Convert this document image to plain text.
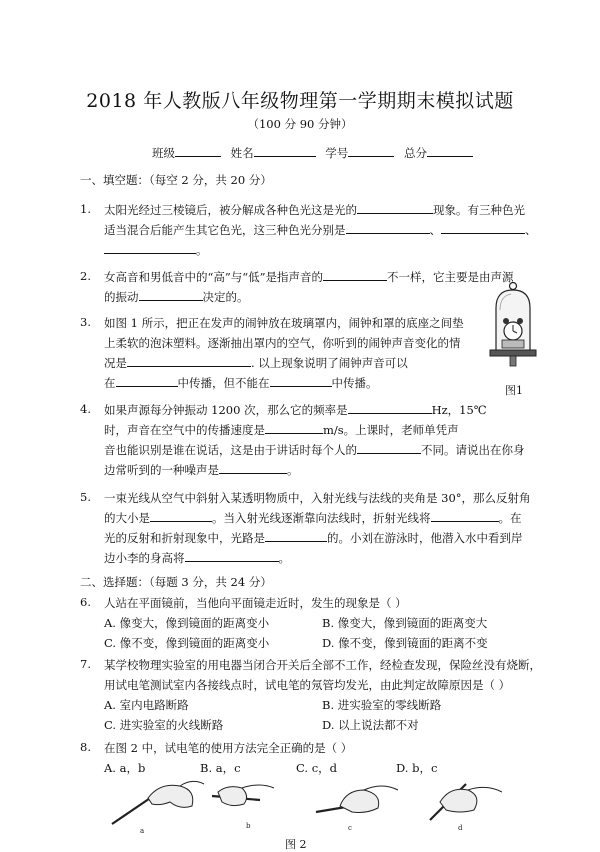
2018 年人教版八年级物理第一学期期末模拟试题
（100 分 90 分钟）
班级	姓名	学号	总分
一、填空题：（每空 2 分，共 20 分）
1. 太阳光经过三棱镜后，被分解成各种色光这是光的	现象。有三种色光
适当混合后能产生其它色光，这三种色光分别是	、	、
。
2. 女高音和男低音中的“高”与“低”是指声音的	不一样，它主要是由声源
的振动	决定的。
3. 如图 1 所示，把正在发声的闹钟放在玻璃罩内，闹钟和罩的底座之间垫
上柔软的泡沫塑料。逐渐抽出罩内的空气，你听到的闹钟声音变化的情
况是	. 以上现象说明了闹钟声音可以
在	中传播，但不能在	中传播。
图1
4. 如果声源每分钟振动 1200 次，那么它的频率是	Hz，15℃
时，声音在空气中的传播速度是	m/s。上课时，老师单凭声
音也能识别是谁在说话，这是由于讲话时每个人的	不同。请说出在你身
边常听到的一种噪声是	。
5. 一束光线从空气中斜射入某透明物质中，入射光线与法线的夹角是 30°，那么反射角
的大小是	。当入射光线逐渐靠向法线时，折射光线将	。在
光的反射和折射现象中，光路是	的。小刘在游泳时，他潜入水中看到岸
边小李的身高将	。
二、选择题：（每题 3 分，共 24 分）
6. 人站在平面镜前，当他向平面镜走近时，发生的现象是（ ）
A. 像变大，像到镜面的距离变小	B. 像变大，像到镜面的距离变大
C. 像不变，像到镜面的距离变小	D. 像不变，像到镜面的距离不变
7. 某学校物理实验室的用电器当闭合开关后全部不工作，经检查发现，保险丝没有烧断，
用试电笔测试室内各接线点时，试电笔的氖管均发光，由此判定故障原因是（ ）
A. 室内电路断路	B. 进实验室的零线断路
C. 进实验室的火线断路	D. 以上说法都不对
8. 在图 2 中，试电笔的使用方法完全正确的是（ ）
A. a，b	B. a，c	C. c，d	D. b，c
a
b	c	d
图 2
